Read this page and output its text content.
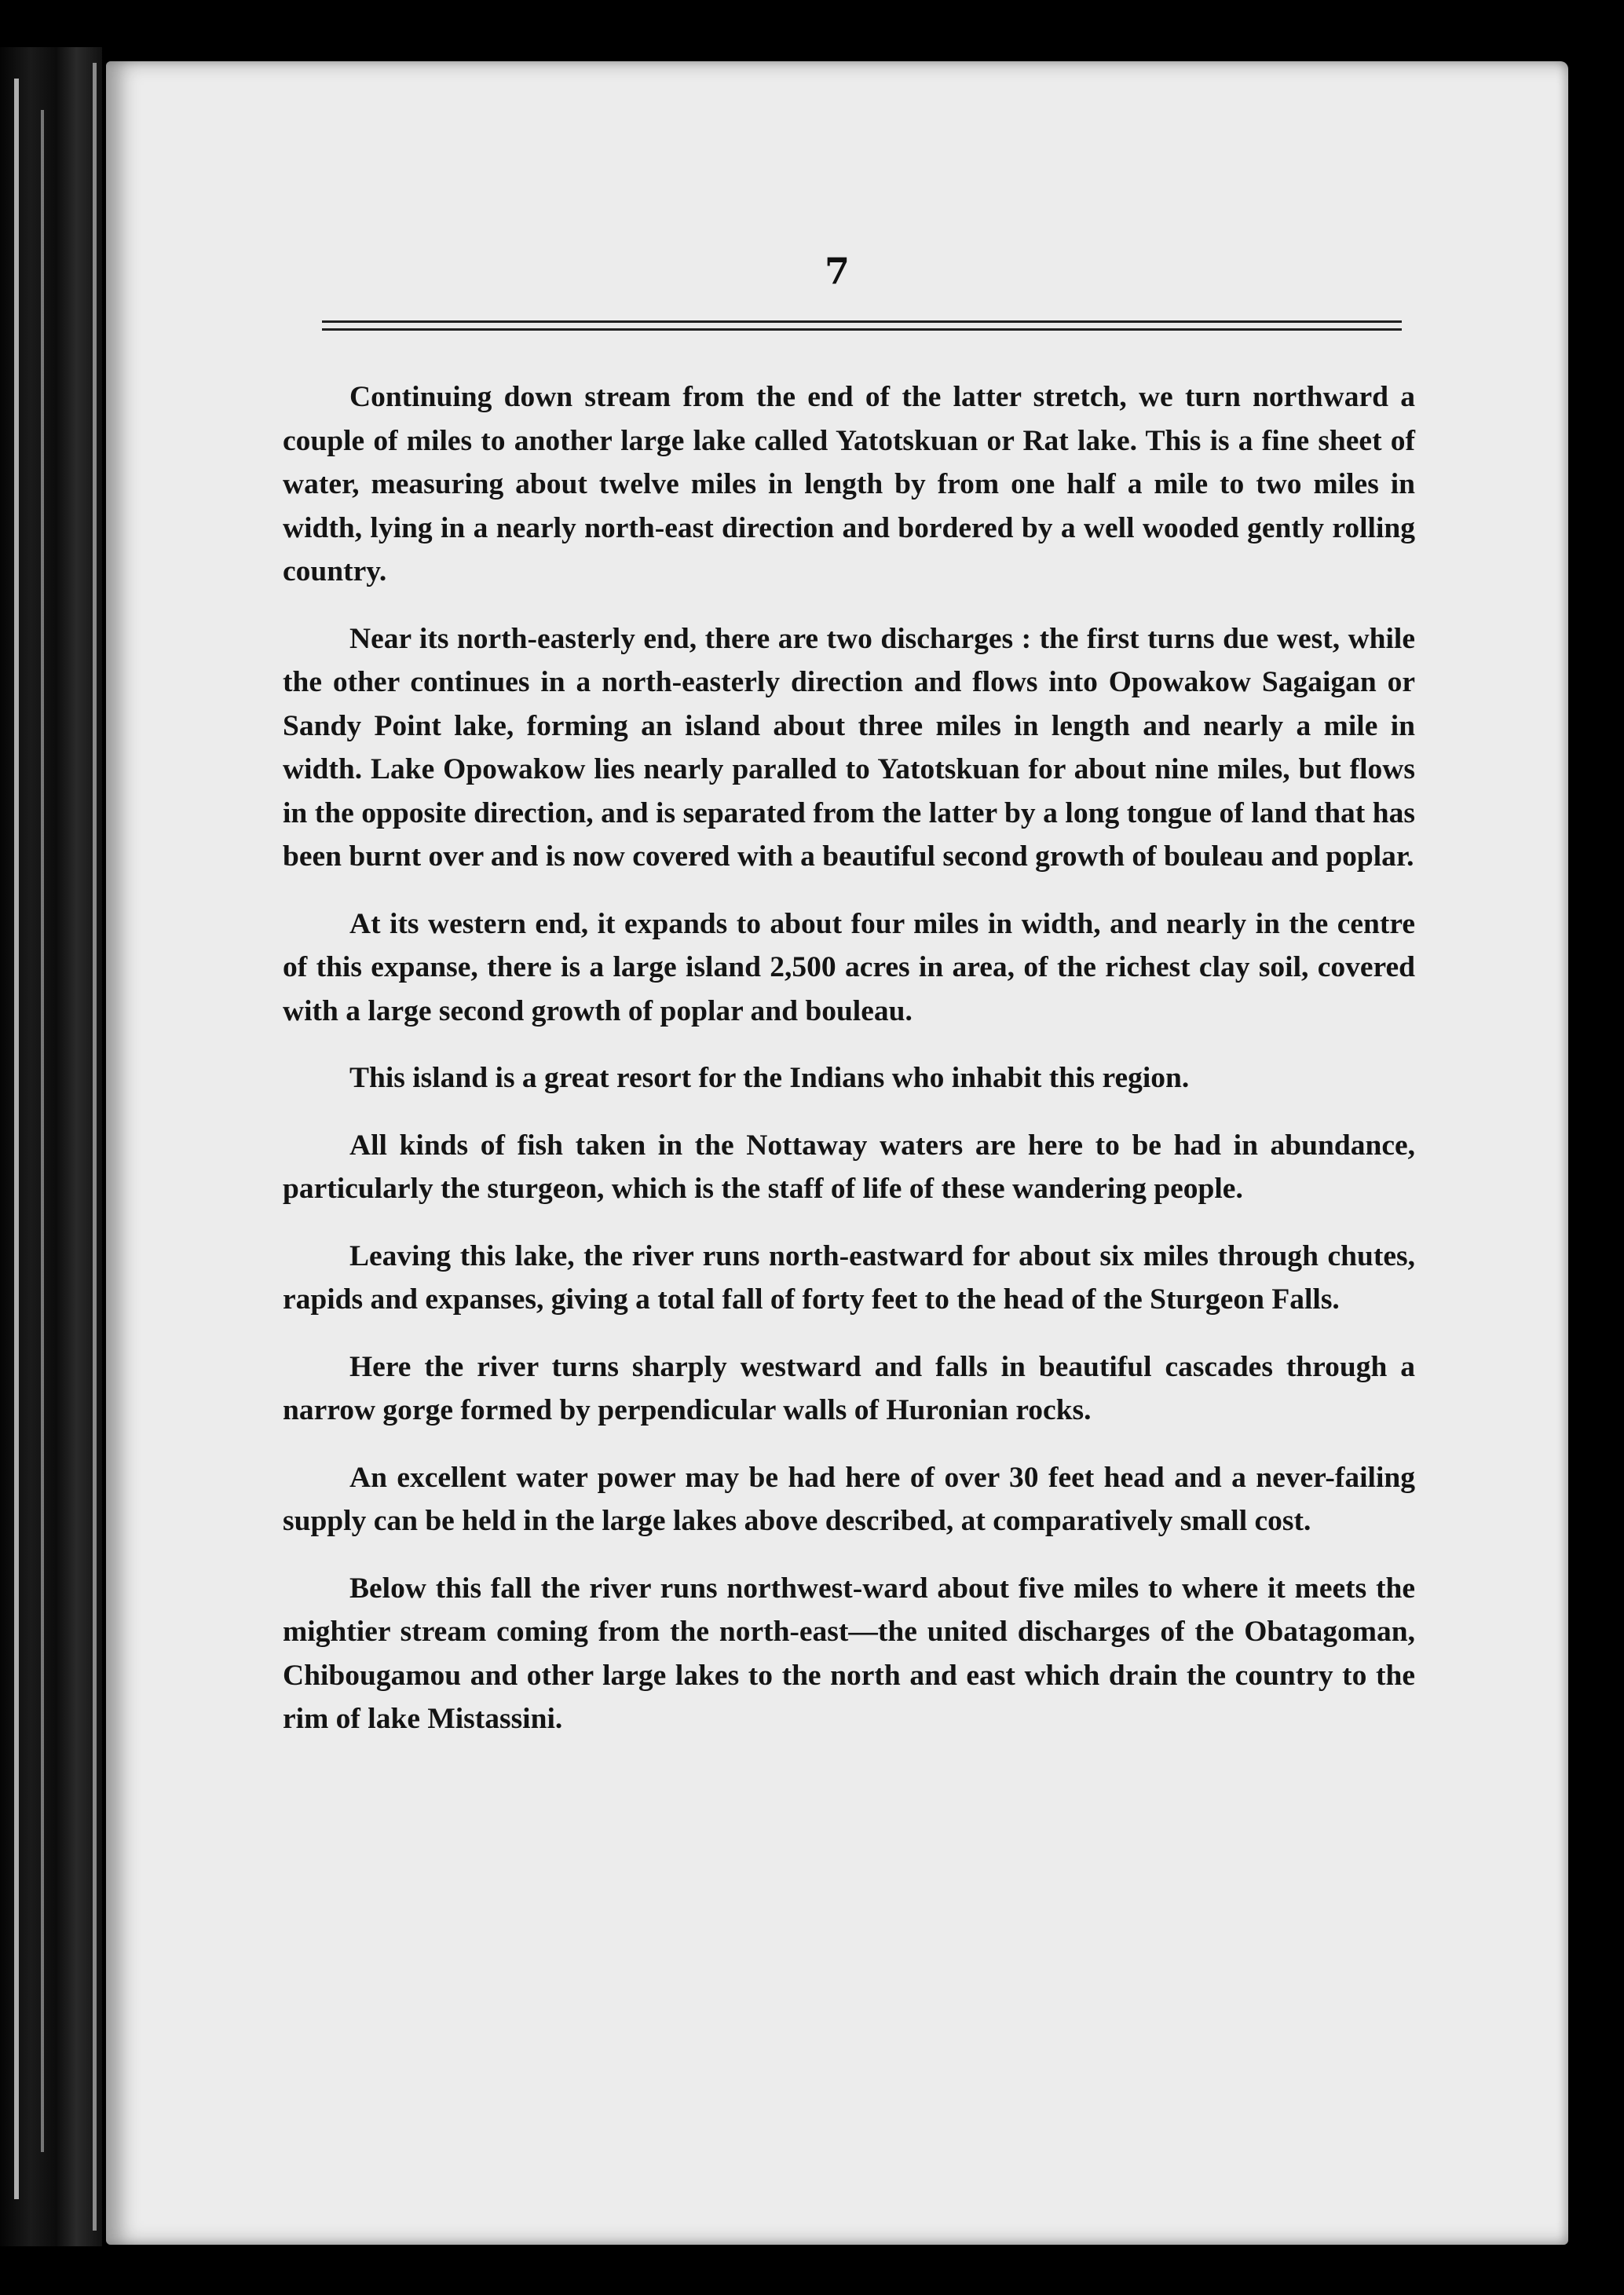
7

Continuing down stream from the end of the latter stretch, we turn northward a couple of miles to another large lake called Yatotskuan or Rat lake. This is a fine sheet of water, measuring about twelve miles in length by from one half a mile to two miles in width, lying in a nearly north-east direction and bordered by a well wooded gently rolling country.

Near its north-easterly end, there are two discharges : the first turns due west, while the other continues in a north-easterly direction and flows into Opowakow Sagaigan or Sandy Point lake, forming an island about three miles in length and nearly a mile in width. Lake Opowakow lies nearly paralled to Yatotskuan for about nine miles, but flows in the opposite direction, and is separated from the latter by a long tongue of land that has been burnt over and is now covered with a beautiful second growth of bouleau and poplar.

At its western end, it expands to about four miles in width, and nearly in the centre of this expanse, there is a large island 2,500 acres in area, of the richest clay soil, covered with a large second growth of poplar and bouleau.

This island is a great resort for the Indians who inhabit this region.

All kinds of fish taken in the Nottaway waters are here to be had in abundance, particularly the sturgeon, which is the staff of life of these wandering people.

Leaving this lake, the river runs north-eastward for about six miles through chutes, rapids and expanses, giving a total fall of forty feet to the head of the Sturgeon Falls.

Here the river turns sharply westward and falls in beautiful cascades through a narrow gorge formed by perpendicular walls of Huronian rocks.

An excellent water power may be had here of over 30 feet head and a never-failing supply can be held in the large lakes above described, at comparatively small cost.

Below this fall the river runs northwest-ward about five miles to where it meets the mightier stream coming from the north-east—the united discharges of the Obatagoman, Chibougamou and other large lakes to the north and east which drain the country to the rim of lake Mistassini.
